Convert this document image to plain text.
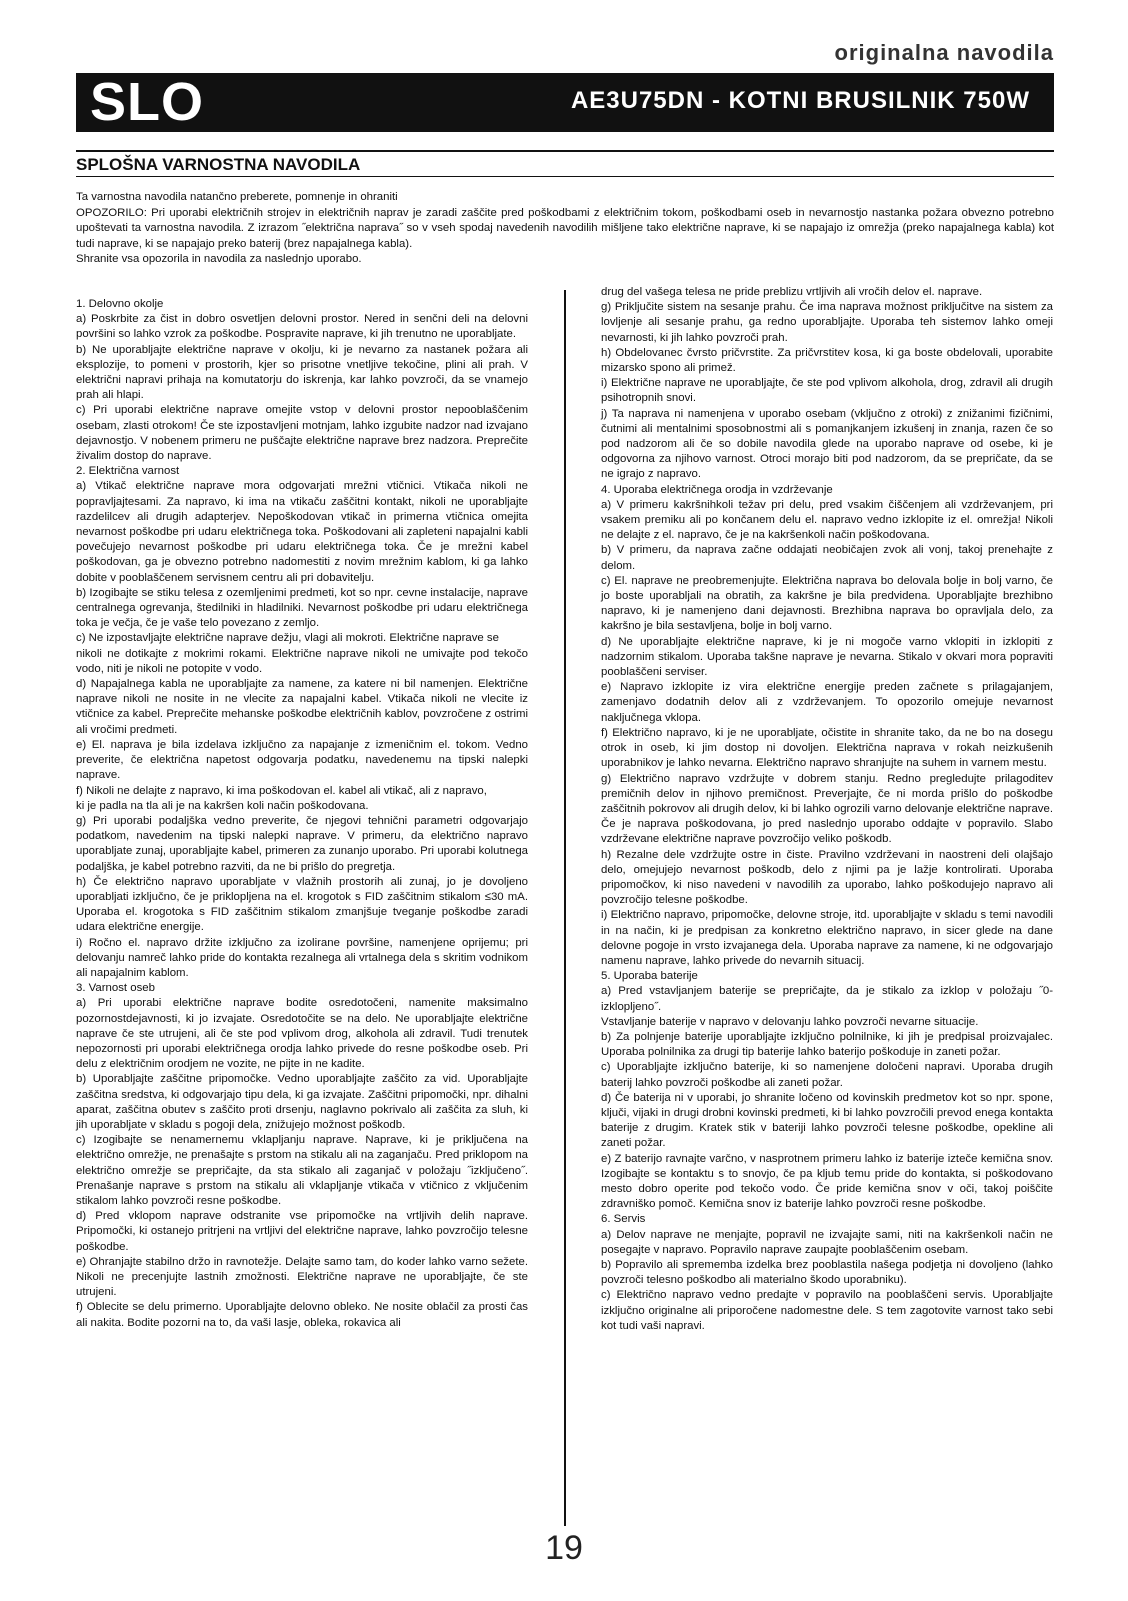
originalna navodila
SLO	AE3U75DN - KOTNI BRUSILNIK 750W
SPLOŠNA VARNOSTNA NAVODILA

Ta varnostna navodila natančno preberete, pomnenje in ohraniti

OPOZORILO: Pri uporabi električnih strojev in električnih naprav je zaradi zaščite pred poškodbami z električnim tokom, poškodbami oseb in nevarnostjo nastanka požara obvezno potrebno upoštevati ta varnostna navodila. Z izrazom ˝električna naprava˝ so v vseh spodaj navedenih navodilih mišljene tako električne naprave, ki se napajajo iz omrežja (preko napajalnega kabla) kot tudi naprave, ki se napajajo preko baterij (brez napajalnega kabla).

Shranite vsa opozorila in navodila za naslednjo uporabo.

1. Delovno okolje

a) Poskrbite za čist in dobro osvetljen delovni prostor. Nered in senčni deli na delovni površini so lahko vzrok za poškodbe. Pospravite naprave, ki jih trenutno ne uporabljate.

b) Ne uporabljajte električne naprave v okolju, ki je nevarno za nastanek požara ali eksplozije, to pomeni v prostorih, kjer so prisotne vnetljive tekočine, plini ali prah. V električni napravi prihaja na komutatorju do iskrenja, kar lahko povzroči, da se vnamejo prah ali hlapi.

c) Pri uporabi električne naprave omejite vstop v delovni prostor nepooblaščenim osebam, zlasti otrokom! Če ste izpostavljeni motnjam, lahko izgubite nadzor nad izvajano dejavnostjo. V nobenem primeru ne puščajte električne naprave brez nadzora. Preprečite živalim dostop do naprave.

2. Električna varnost

a) Vtikač električne naprave mora odgovarjati mrežni vtičnici. Vtikača nikoli ne popravljajtesami. Za napravo, ki ima na vtikaču zaščitni kontakt, nikoli ne uporabljajte razdelilcev ali drugih adapterjev. Nepoškodovan vtikač in primerna vtičnica omejita nevarnost poškodbe pri udaru električnega toka. Poškodovani ali zapleteni napajalni kabli povečujejo nevarnost poškodbe pri udaru električnega toka. Če je mrežni kabel poškodovan, ga je obvezno potrebno nadomestiti z novim mrežnim kablom, ki ga lahko dobite v pooblaščenem servisnem centru ali pri dobavitelju.

b) Izogibajte se stiku telesa z ozemljenimi predmeti, kot so npr. cevne instalacije, naprave centralnega ogrevanja, štedilniki in hladilniki. Nevarnost poškodbe pri udaru električnega toka je večja, če je vaše telo povezano z zemljo.

c) Ne izpostavljajte električne naprave dežju, vlagi ali mokroti. Električne naprave se

nikoli ne dotikajte z mokrimi rokami. Električne naprave nikoli ne umivajte pod tekočo vodo, niti je nikoli ne potopite v vodo.

d) Napajalnega kabla ne uporabljajte za namene, za katere ni bil namenjen. Električne naprave nikoli ne nosite in ne vlecite za napajalni kabel. Vtikača nikoli ne vlecite iz vtičnice za kabel. Preprečite mehanske poškodbe električnih kablov, povzročene z ostrimi ali vročimi predmeti.

e) El. naprava je bila izdelava izključno za napajanje z izmeničnim el. tokom. Vedno preverite, če električna napetost odgovarja podatku, navedenemu na tipski nalepki naprave.

f) Nikoli ne delajte z napravo, ki ima poškodovan el. kabel ali vtikač, ali z napravo,

ki je padla na tla ali je na kakršen koli način poškodovana.

g) Pri uporabi podaljška vedno preverite, če njegovi tehnični parametri odgovarjajo podatkom, navedenim na tipski nalepki naprave. V primeru, da električno napravo uporabljate zunaj, uporabljajte kabel, primeren za zunanjo uporabo. Pri uporabi kolutnega podaljška, je kabel potrebno razviti, da ne bi prišlo do pregretja.

h) Če električno napravo uporabljate v vlažnih prostorih ali zunaj, jo je dovoljeno uporabljati izključno, če je priklopljena na el. krogotok s FID zaščitnim stikalom ≤30 mA. Uporaba el. krogotoka s FID zaščitnim stikalom zmanjšuje tveganje poškodbe zaradi udara električne energije.

i) Ročno el. napravo držite izključno za izolirane površine, namenjene oprijemu; pri delovanju namreč lahko pride do kontakta rezalnega ali vrtalnega dela s skritim vodnikom ali napajalnim kablom.

3. Varnost oseb

a) Pri uporabi električne naprave bodite osredotočeni, namenite maksimalno pozornostdejavnosti, ki jo izvajate. Osredotočite se na delo. Ne uporabljajte električne naprave če ste utrujeni, ali če ste pod vplivom drog, alkohola ali zdravil. Tudi trenutek nepozornosti pri uporabi električnega orodja lahko privede do resne poškodbe oseb. Pri delu z električnim orodjem ne vozite, ne pijte in ne kadite.

b) Uporabljajte zaščitne pripomočke. Vedno uporabljajte zaščito za vid. Uporabljajte zaščitna sredstva, ki odgovarjajo tipu dela, ki ga izvajate. Zaščitni pripomočki, npr. dihalni aparat, zaščitna obutev s zaščito proti drsenju, naglavno pokrivalo ali zaščita za sluh, ki jih uporabljate v skladu s pogoji dela, znižujejo možnost poškodb.

c) Izogibajte se nenamernemu vklapljanju naprave. Naprave, ki je priključena na električno omrežje, ne prenašajte s prstom na stikalu ali na zaganjaču. Pred priklopom na električno omrežje se prepričajte, da sta stikalo ali zaganjač v položaju ˝izključeno˝. Prenašanje naprave s prstom na stikalu ali vklapljanje vtikača v vtičnico z vključenim stikalom lahko povzroči resne poškodbe.

d) Pred vklopom naprave odstranite vse pripomočke na vrtljivih delih naprave. Pripomočki, ki ostanejo pritrjeni na vrtljivi del električne naprave, lahko povzročijo telesne poškodbe.

e) Ohranjajte stabilno držo in ravnotežje. Delajte samo tam, do koder lahko varno sežete. Nikoli ne precenjujte lastnih zmožnosti. Električne naprave ne uporabljajte, če ste utrujeni.

f) Oblecite se delu primerno. Uporabljajte delovno obleko. Ne nosite oblačil za prosti čas ali nakita. Bodite pozorni na to, da vaši lasje, obleka, rokavica ali

drug del vašega telesa ne pride preblizu vrtljivih ali vročih delov el. naprave.

g) Priključite sistem na sesanje prahu. Če ima naprava možnost priključitve na sistem za lovljenje ali sesanje prahu, ga redno uporabljajte. Uporaba teh sistemov lahko omeji nevarnosti, ki jih lahko povzroči prah.

h) Obdelovanec čvrsto pričvrstite. Za pričvrstitev kosa, ki ga boste obdelovali, uporabite mizarsko spono ali primež.

i) Električne naprave ne uporabljajte, če ste pod vplivom alkohola, drog, zdravil ali drugih psihotropnih snovi.

j) Ta naprava ni namenjena v uporabo osebam (vključno z otroki) z znižanimi fizičnimi, čutnimi ali mentalnimi sposobnostmi ali s pomanjkanjem izkušenj in znanja, razen če so pod nadzorom ali če so dobile navodila glede na uporabo naprave od osebe, ki je odgovorna za njihovo varnost. Otroci morajo biti pod nadzorom, da se prepričate, da se ne igrajo z napravo.

4. Uporaba električnega orodja in vzdrževanje

a) V primeru kakršnihkoli težav pri delu, pred vsakim čiščenjem ali vzdrževanjem, pri vsakem premiku ali po končanem delu el. napravo vedno izklopite iz el. omrežja! Nikoli ne delajte z el. napravo, če je na kakršenkoli način poškodovana.

b) V primeru, da naprava začne oddajati neobičajen zvok ali vonj, takoj prenehajte z delom.

c) El. naprave ne preobremenjujte. Električna naprava bo delovala bolje in bolj varno, če jo boste uporabljali na obratih, za kakršne je bila predvidena. Uporabljajte brezhibno napravo, ki je namenjeno dani dejavnosti. Brezhibna naprava bo opravljala delo, za kakršno je bila sestavljena, bolje in bolj varno.

d) Ne uporabljajte električne naprave, ki je ni mogoče varno vklopiti in izklopiti z nadzornim stikalom. Uporaba takšne naprave je nevarna. Stikalo v okvari mora popraviti pooblaščeni serviser.

e) Napravo izklopite iz vira električne energije preden začnete s prilagajanjem, zamenjavo dodatnih delov ali z vzdrževanjem. To opozorilo omejuje nevarnost naključnega vklopa.

f) Električno napravo, ki je ne uporabljate, očistite in shranite tako, da ne bo na dosegu otrok in oseb, ki jim dostop ni dovoljen. Električna naprava v rokah neizkušenih uporabnikov je lahko nevarna. Električno napravo shranjujte na suhem in varnem mestu.

g) Električno napravo vzdržujte v dobrem stanju. Redno pregledujte prilagoditev premičnih delov in njihovo premičnost. Preverjajte, če ni morda prišlo do poškodbe zaščitnih pokrovov ali drugih delov, ki bi lahko ogrozili varno delovanje električne naprave. Če je naprava poškodovana, jo pred naslednjo uporabo oddajte v popravilo. Slabo vzdrževane električne naprave povzročijo veliko poškodb.

h) Rezalne dele vzdržujte ostre in čiste. Pravilno vzdrževani in naostreni deli olajšajo delo, omejujejo nevarnost poškodb, delo z njimi pa je lažje kontrolirati. Uporaba pripomočkov, ki niso navedeni v navodilih za uporabo, lahko poškodujejo napravo ali povzročijo telesne poškodbe.

i) Električno napravo, pripomočke, delovne stroje, itd. uporabljajte v skladu s temi navodili in na način, ki je predpisan za konkretno električno napravo, in sicer glede na dane delovne pogoje in vrsto izvajanega dela. Uporaba naprave za namene, ki ne odgovarjajo namenu naprave, lahko privede do nevarnih situacij.

5. Uporaba baterije

a) Pred vstavljanjem baterije se prepričajte, da je stikalo za izklop v položaju ˝0- izklopljeno˝.

Vstavljanje baterije v napravo v delovanju lahko povzroči nevarne situacije.

b) Za polnjenje baterije uporabljajte izključno polnilnike, ki jih je predpisal proizvajalec. Uporaba polnilnika za drugi tip baterije lahko baterijo poškoduje in zaneti požar.

c) Uporabljajte izključno baterije, ki so namenjene določeni napravi. Uporaba drugih baterij lahko povzroči poškodbe ali zaneti požar.

d) Če baterija ni v uporabi, jo shranite ločeno od kovinskih predmetov kot so npr. spone, ključi, vijaki in drugi drobni kovinski predmeti, ki bi lahko povzročili prevod enega kontakta baterije z drugim. Kratek stik v bateriji lahko povzroči telesne poškodbe, opekline ali zaneti požar.

e) Z baterijo ravnajte varčno, v nasprotnem primeru lahko iz baterije izteče kemična snov. Izogibajte se kontaktu s to snovjo, če pa kljub temu pride do kontakta, si poškodovano mesto dobro operite pod tekočo vodo. Če pride kemična snov v oči, takoj poiščite zdravniško pomoč. Kemična snov iz baterije lahko povzroči resne poškodbe.

6. Servis

a) Delov naprave ne menjajte, popravil ne izvajajte sami, niti na kakršenkoli način ne posegajte v napravo. Popravilo naprave zaupajte pooblaščenim osebam.

b) Popravilo ali sprememba izdelka brez pooblastila našega podjetja ni dovoljeno (lahko povzroči telesno poškodbo ali materialno škodo uporabniku).

c) Električno napravo vedno predajte v popravilo na pooblaščeni servis. Uporabljajte izključno originalne ali priporočene nadomestne dele. S tem zagotovite varnost tako sebi kot tudi vaši napravi.

19
